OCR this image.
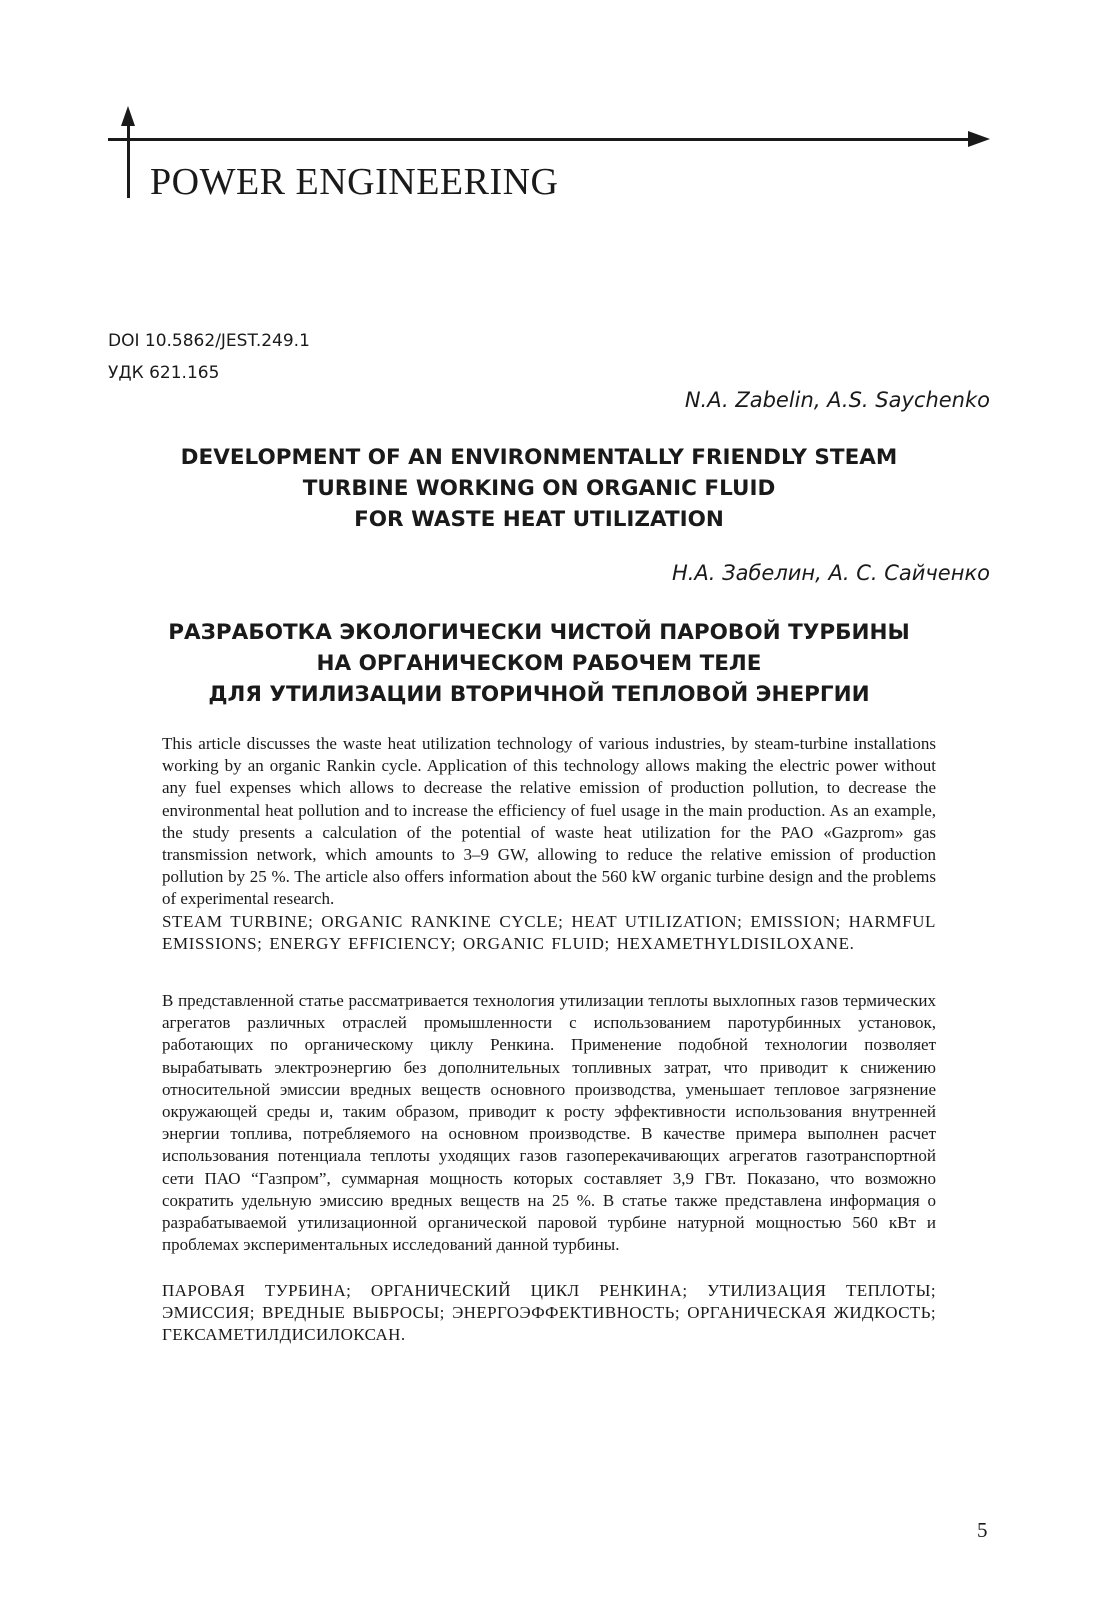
POWER ENGINEERING
DOI 10.5862/JEST.249.1
УДК 621.165
N.A. Zabelin, A.S. Saychenko
DEVELOPMENT OF AN ENVIRONMENTALLY FRIENDLY STEAM
TURBINE WORKING ON ORGANIC FLUID
FOR WASTE HEAT UTILIZATION
Н.А. Забелин, А. С. Сайченко
РАЗРАБОТКА ЭКОЛОГИЧЕСКИ ЧИСТОЙ ПАРОВОЙ ТУРБИНЫ
НА ОРГАНИЧЕСКОМ РАБОЧЕМ ТЕЛЕ
ДЛЯ УТИЛИЗАЦИИ ВТОРИЧНОЙ ТЕПЛОВОЙ ЭНЕРГИИ
This article discusses the waste heat utilization technology of various industries, by steam-turbine installations working by an organic Rankin cycle. Application of this technology allows making the electric power without any fuel expenses which allows to decrease the relative emission of production pollution, to decrease the environmental heat pollution and to increase the efficiency of fuel usage in the main production. As an example, the study presents a calculation of the potential of waste heat utilization for the PAO «Gazprom» gas transmission network, which amounts to 3–9 GW, allowing to reduce the relative emission of production pollution by 25 %. The article also offers information about the 560 kW organic turbine design and the problems of experimental research.
STEAM TURBINE; ORGANIC RANKINE CYCLE; HEAT UTILIZATION; EMISSION; HARMFUL EMISSIONS; ENERGY EFFICIENCY; ORGANIC FLUID; HEXAMETHYLDISILOXANE.
В представленной статье рассматривается технология утилизации теплоты выхлопных газов термических агрегатов различных отраслей промышленности с использованием паротурбинных установок, работающих по органическому циклу Ренкина. Применение подобной технологии позволяет вырабатывать электроэнергию без дополнительных топливных затрат, что приводит к снижению относительной эмиссии вредных веществ основного производства, уменьшает тепловое загрязнение окружающей среды и, таким образом, приводит к росту эффективности использования внутренней энергии топлива, потребляемого на основном производстве. В качестве примера выполнен расчет использования потенциала теплоты уходящих газов газоперекачивающих агрегатов газотранспортной сети ПАО “Газпром”, суммарная мощность которых составляет 3,9 ГВт. Показано, что возможно сократить удельную эмиссию вредных веществ на 25 %. В статье также представлена информация о разрабатываемой утилизационной органической паровой турбине натурной мощностью 560 кВт и проблемах экспериментальных исследований данной турбины.
ПАРОВАЯ ТУРБИНА; ОРГАНИЧЕСКИЙ ЦИКЛ РЕНКИНА; УТИЛИЗАЦИЯ ТЕПЛОТЫ; ЭМИССИЯ; ВРЕДНЫЕ ВЫБРОСЫ; ЭНЕРГОЭФФЕКТИВНОСТЬ; ОРГАНИЧЕСКАЯ ЖИДКОСТЬ; ГЕКСАМЕТИЛДИСИЛОКСАН.
5
